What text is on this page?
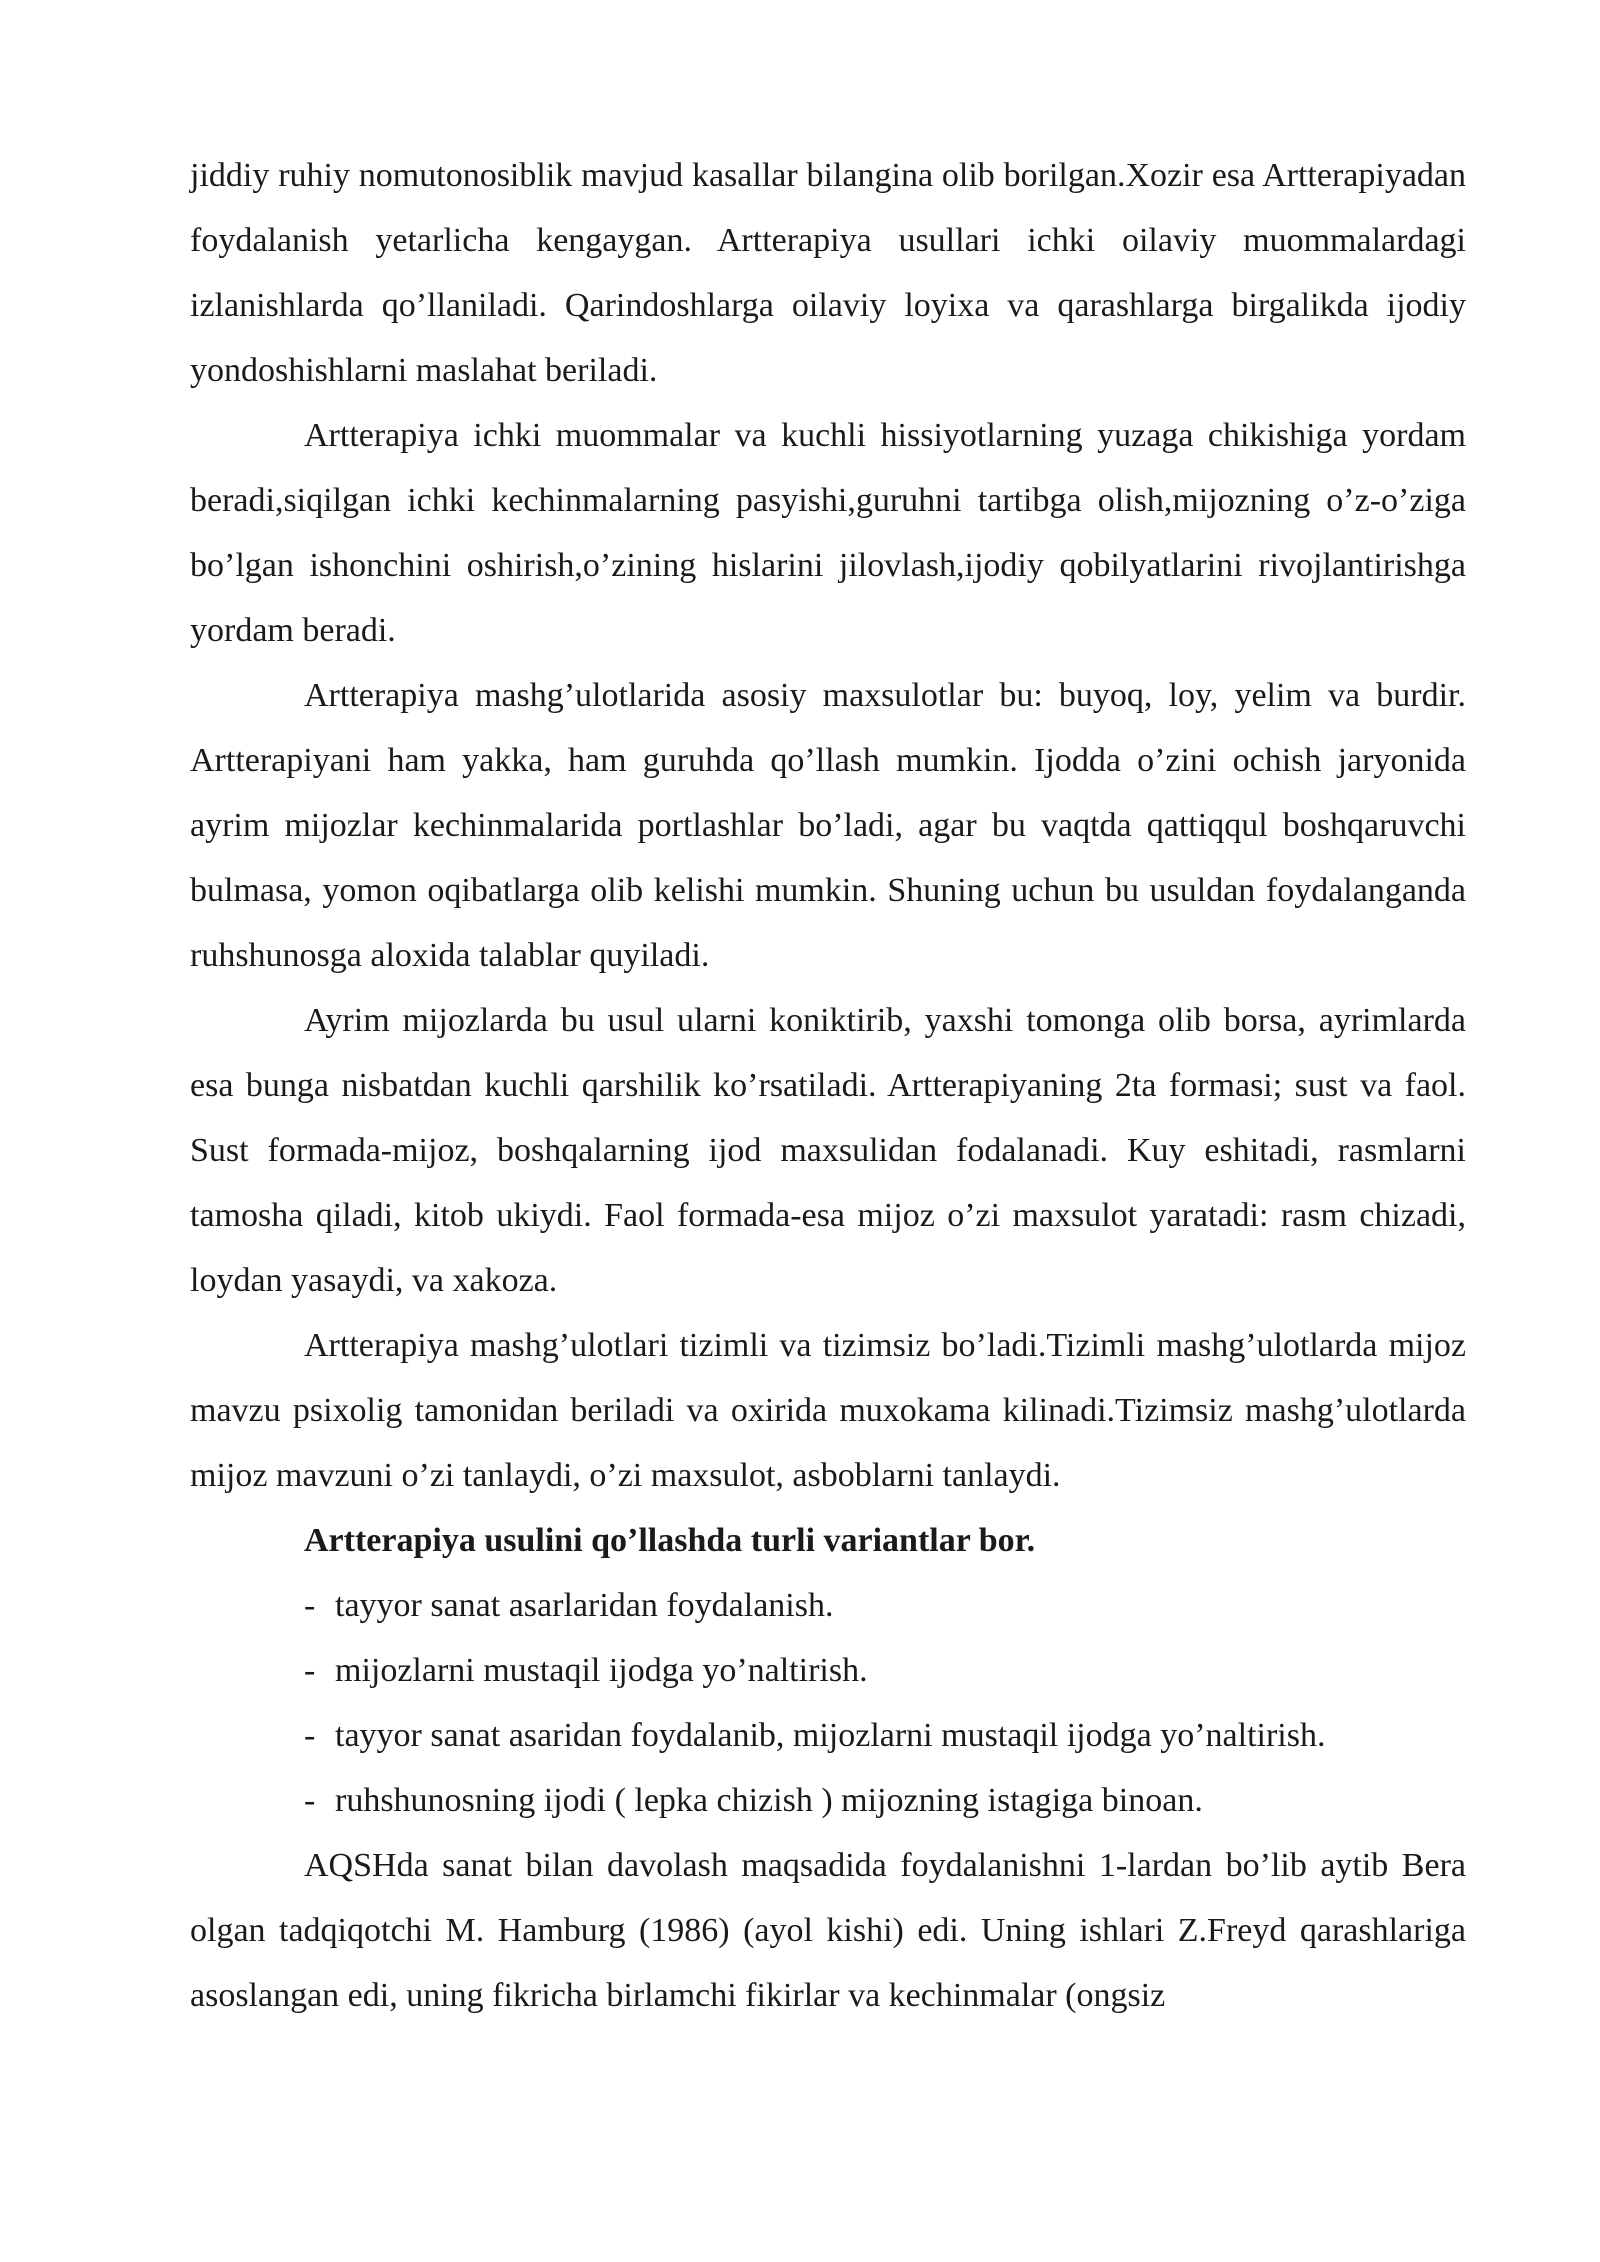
jiddiy ruhiy nomutonosiblik mavjud kasallar bilangina olib borilgan.Xozir esa Artterapiyadan foydalanish yetarlicha kengaygan. Artterapiya usullari ichki oilaviy muommalardagi izlanishlarda qo’llaniladi. Qarindoshlarga oilaviy loyixa va qarashlarga birgalikda ijodiy yondoshishlarni maslahat beriladi.

Artterapiya ichki muommalar va kuchli hissiyotlarning yuzaga chikishiga yordam beradi,siqilgan ichki kechinmalarning pasyishi,guruhni tartibga olish,mijozning o’z-o’ziga bo’lgan ishonchini oshirish,o’zining hislarini jilovlash,ijodiy qobilyatlarini rivojlantirishga yordam beradi.

Artterapiya mashg’ulotlarida asosiy maxsulotlar bu: buyoq, loy, yelim va burdir. Artterapiyani ham yakka, ham guruhda qo’llash mumkin. Ijodda o’zini ochish jaryonida ayrim mijozlar kechinmalarida portlashlar bo’ladi, agar bu vaqtda qattiqqul boshqaruvchi bulmasa, yomon oqibatlarga olib kelishi mumkin. Shuning uchun bu usuldan foydalanganda ruhshunosga aloxida talablar quyiladi.

Ayrim mijozlarda bu usul ularni koniktirib, yaxshi tomonga olib borsa, ayrimlarda esa bunga nisbatdan kuchli qarshilik ko’rsatiladi. Artterapiyaning 2ta formasi; sust va faol. Sust formada-mijoz, boshqalarning ijod maxsulidan fodalanadi. Kuy eshitadi, rasmlarni tamosha qiladi, kitob ukiydi. Faol formada-esa mijoz o’zi maxsulot yaratadi: rasm chizadi, loydan yasaydi, va xakoza.

Artterapiya mashg’ulotlari tizimli va tizimsiz bo’ladi.Tizimli mashg’ulotlarda mijoz mavzu psixolig tamonidan beriladi va oxirida muxokama kilinadi.Tizimsiz mashg’ulotlarda mijoz mavzuni o’zi tanlaydi, o’zi maxsulot, asboblarni tanlaydi.

Artterapiya usulini qo’llashda turli variantlar bor.

- tayyor sanat asarlaridan foydalanish.
- mijozlarni mustaqil ijodga yo’naltirish.
- tayyor sanat asaridan foydalanib, mijozlarni mustaqil ijodga yo’naltirish.
- ruhshunosning ijodi ( lepka chizish ) mijozning istagiga binoan.

AQSHda sanat bilan davolash maqsadida foydalanishni 1-lardan bo’lib aytib Bera olgan tadqiqotchi M. Hamburg (1986) (ayol kishi) edi. Uning ishlari Z.Freyd qarashlariga asoslangan edi, uning fikricha birlamchi fikirlar va kechinmalar (ongsiz
